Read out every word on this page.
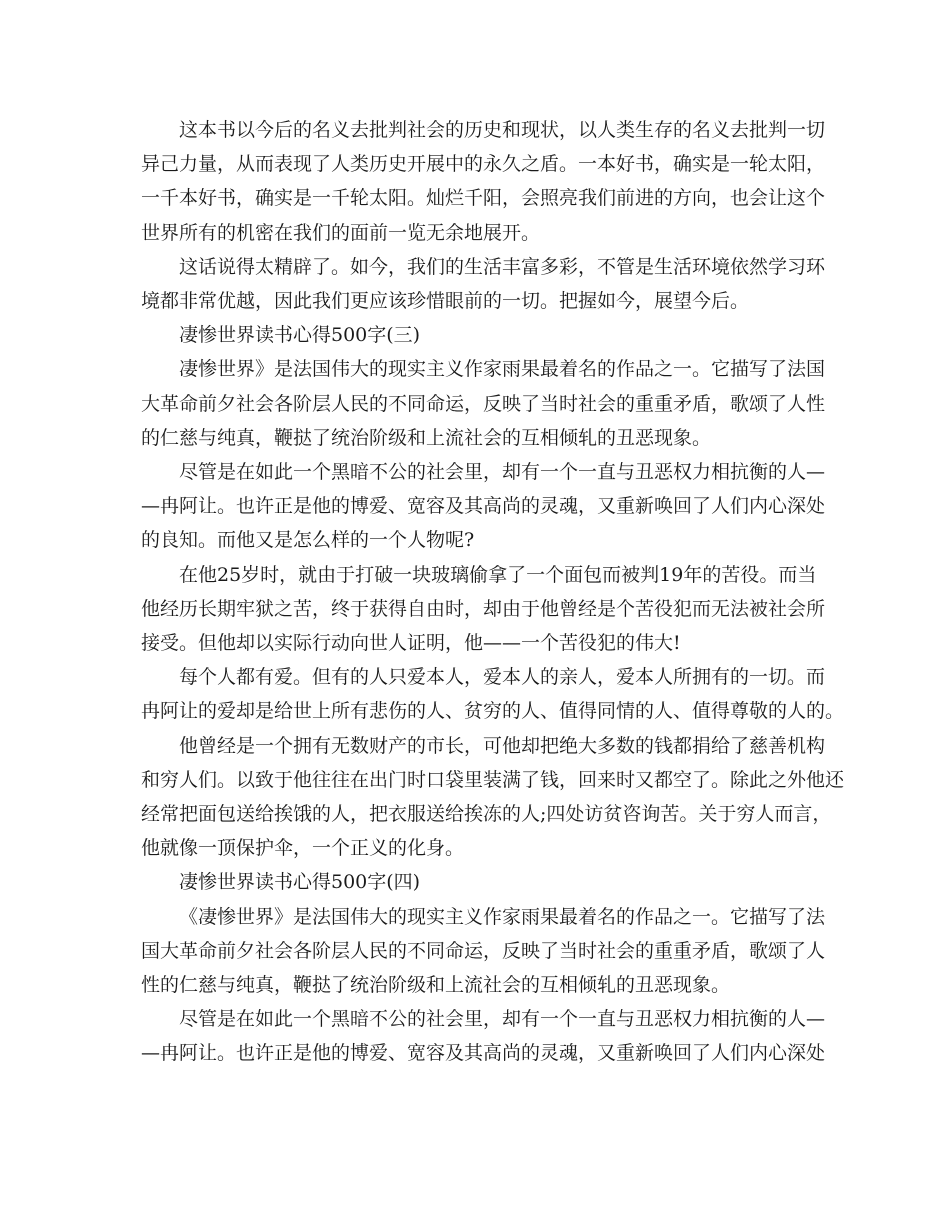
这本书以今后的名义去批判社会的历史和现状，以人类生存的名义去批判一切
异己力量，从而表现了人类历史开展中的永久之盾。一本好书，确实是一轮太阳，
一千本好书，确实是一千轮太阳。灿烂千阳，会照亮我们前进的方向，也会让这个
世界所有的机密在我们的面前一览无余地展开。

这话说得太精辟了。如今，我们的生活丰富多彩，不管是生活环境依然学习环
境都非常优越，因此我们更应该珍惜眼前的一切。把握如今，展望今后。

凄惨世界读书心得500字(三)

凄惨世界》是法国伟大的现实主义作家雨果最着名的作品之一。它描写了法国
大革命前夕社会各阶层人民的不同命运，反映了当时社会的重重矛盾，歌颂了人性
的仁慈与纯真，鞭挞了统治阶级和上流社会的互相倾轧的丑恶现象。

尽管是在如此一个黑暗不公的社会里，却有一个一直与丑恶权力相抗衡的人—
—冉阿让。也许正是他的博爱、宽容及其高尚的灵魂，又重新唤回了人们内心深处
的良知。而他又是怎么样的一个人物呢?

在他25岁时，就由于打破一块玻璃偷拿了一个面包而被判19年的苦役。而当
他经历长期牢狱之苦，终于获得自由时，却由于他曾经是个苦役犯而无法被社会所
接受。但他却以实际行动向世人证明，他——一个苦役犯的伟大!

每个人都有爱。但有的人只爱本人，爱本人的亲人，爱本人所拥有的一切。而
冉阿让的爱却是给世上所有悲伤的人、贫穷的人、值得同情的人、值得尊敬的人的。

他曾经是一个拥有无数财产的市长，可他却把绝大多数的钱都捐给了慈善机构
和穷人们。以致于他往往在出门时口袋里装满了钱，回来时又都空了。除此之外他还
经常把面包送给挨饿的人，把衣服送给挨冻的人;四处访贫咨询苦。关于穷人而言，
他就像一顶保护伞，一个正义的化身。

凄惨世界读书心得500字(四)

《凄惨世界》是法国伟大的现实主义作家雨果最着名的作品之一。它描写了法
国大革命前夕社会各阶层人民的不同命运，反映了当时社会的重重矛盾，歌颂了人
性的仁慈与纯真，鞭挞了统治阶级和上流社会的互相倾轧的丑恶现象。

尽管是在如此一个黑暗不公的社会里，却有一个一直与丑恶权力相抗衡的人—
—冉阿让。也许正是他的博爱、宽容及其高尚的灵魂，又重新唤回了人们内心深处
